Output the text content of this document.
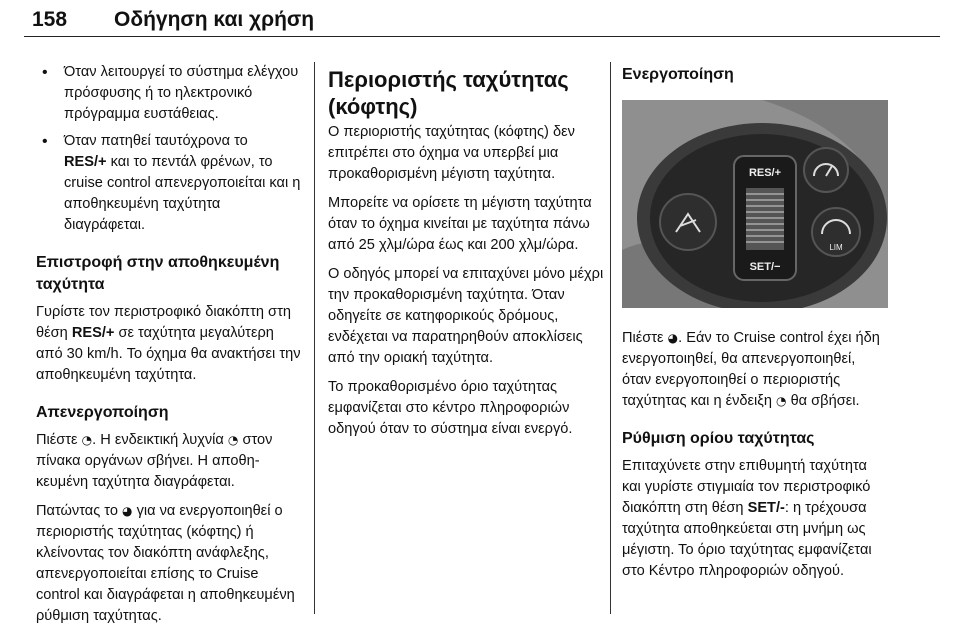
158 Οδήγηση και χρήση
• Όταν λειτουργεί το σύστημα ελέγχου πρόσφυσης ή το ηλεκτρονικό πρόγραμμα ευστάθειας.
• Όταν πατηθεί ταυτόχρονα το
RES/+ και το πεντάλ φρένων, το cruise control απενεργοποιείται και η αποθηκευμένη ταχύτητα διαγράφεται.
Επιστροφή στην αποθηκευμένη ταχύτητα

Γυρίστε τον περιστροφικό διακόπτη στη θέση RES/+ σε ταχύτητα μεγαλύτερη από 30 km/h. Το όχημα θα ανακτήσει την αποθηκευμένη ταχύτητα.

Απενεργοποίηση

Πιέστε ◔. Η ενδεικτική λυχνία ◔ στον πίνακα οργάνων σβήνει. Η αποθηκευμένη ταχύτητα διαγράφεται.

Πατώντας το ◕ για να ενεργοποιηθεί ο περιοριστής ταχύτητας (κόφτης) ή κλείνοντας τον διακόπτη ανάφλεξης, απενεργοποιείται επίσης το Cruise control και διαγράφεται η αποθηκευμένη ρύθμιση ταχύτητας.

Περιοριστής ταχύτητας (κόφτης)

Ο περιοριστής ταχύτητας (κόφτης) δεν επιτρέπει στο όχημα να υπερβεί μια προκαθορισμένη μέγιστη ταχύτητα.

Μπορείτε να ορίσετε τη μέγιστη ταχύτητα όταν το όχημα κινείται με ταχύτητα πάνω από 25 χλμ/ώρα έως και 200 χλμ/ώρα.

Ο οδηγός μπορεί να επιταχύνει μόνο μέχρι την προκαθορισμένη ταχύτητα. Όταν οδηγείτε σε κατηφορικούς δρόμους, ενδέχεται να παρατηρηθούν αποκλίσεις από την οριακή ταχύτητα.

Το προκαθορισμένο όριο ταχύτητας εμφανίζεται στο κέντρο πληροφοριών οδηγού όταν το σύστημα είναι ενεργό.

Ενεργοποίηση
RES/+
SET/−
LIM

Πιέστε ◕. Εάν το Cruise control έχει ήδη ενεργοποιηθεί, θα απενεργοποιηθεί, όταν ενεργοποιηθεί ο περιοριστής ταχύτητας και η ένδειξη ◔ θα σβήσει.

Ρύθμιση ορίου ταχύτητας

Επιταχύνετε στην επιθυμητή ταχύτητα και γυρίστε στιγμιαία τον περιστροφικό διακόπτη στη θέση SET/-: η τρέχουσα ταχύτητα αποθηκεύεται στη μνήμη ως μέγιστη. Το όριο ταχύτητας εμφανίζεται στο Κέντρο πληροφοριών οδηγού.
